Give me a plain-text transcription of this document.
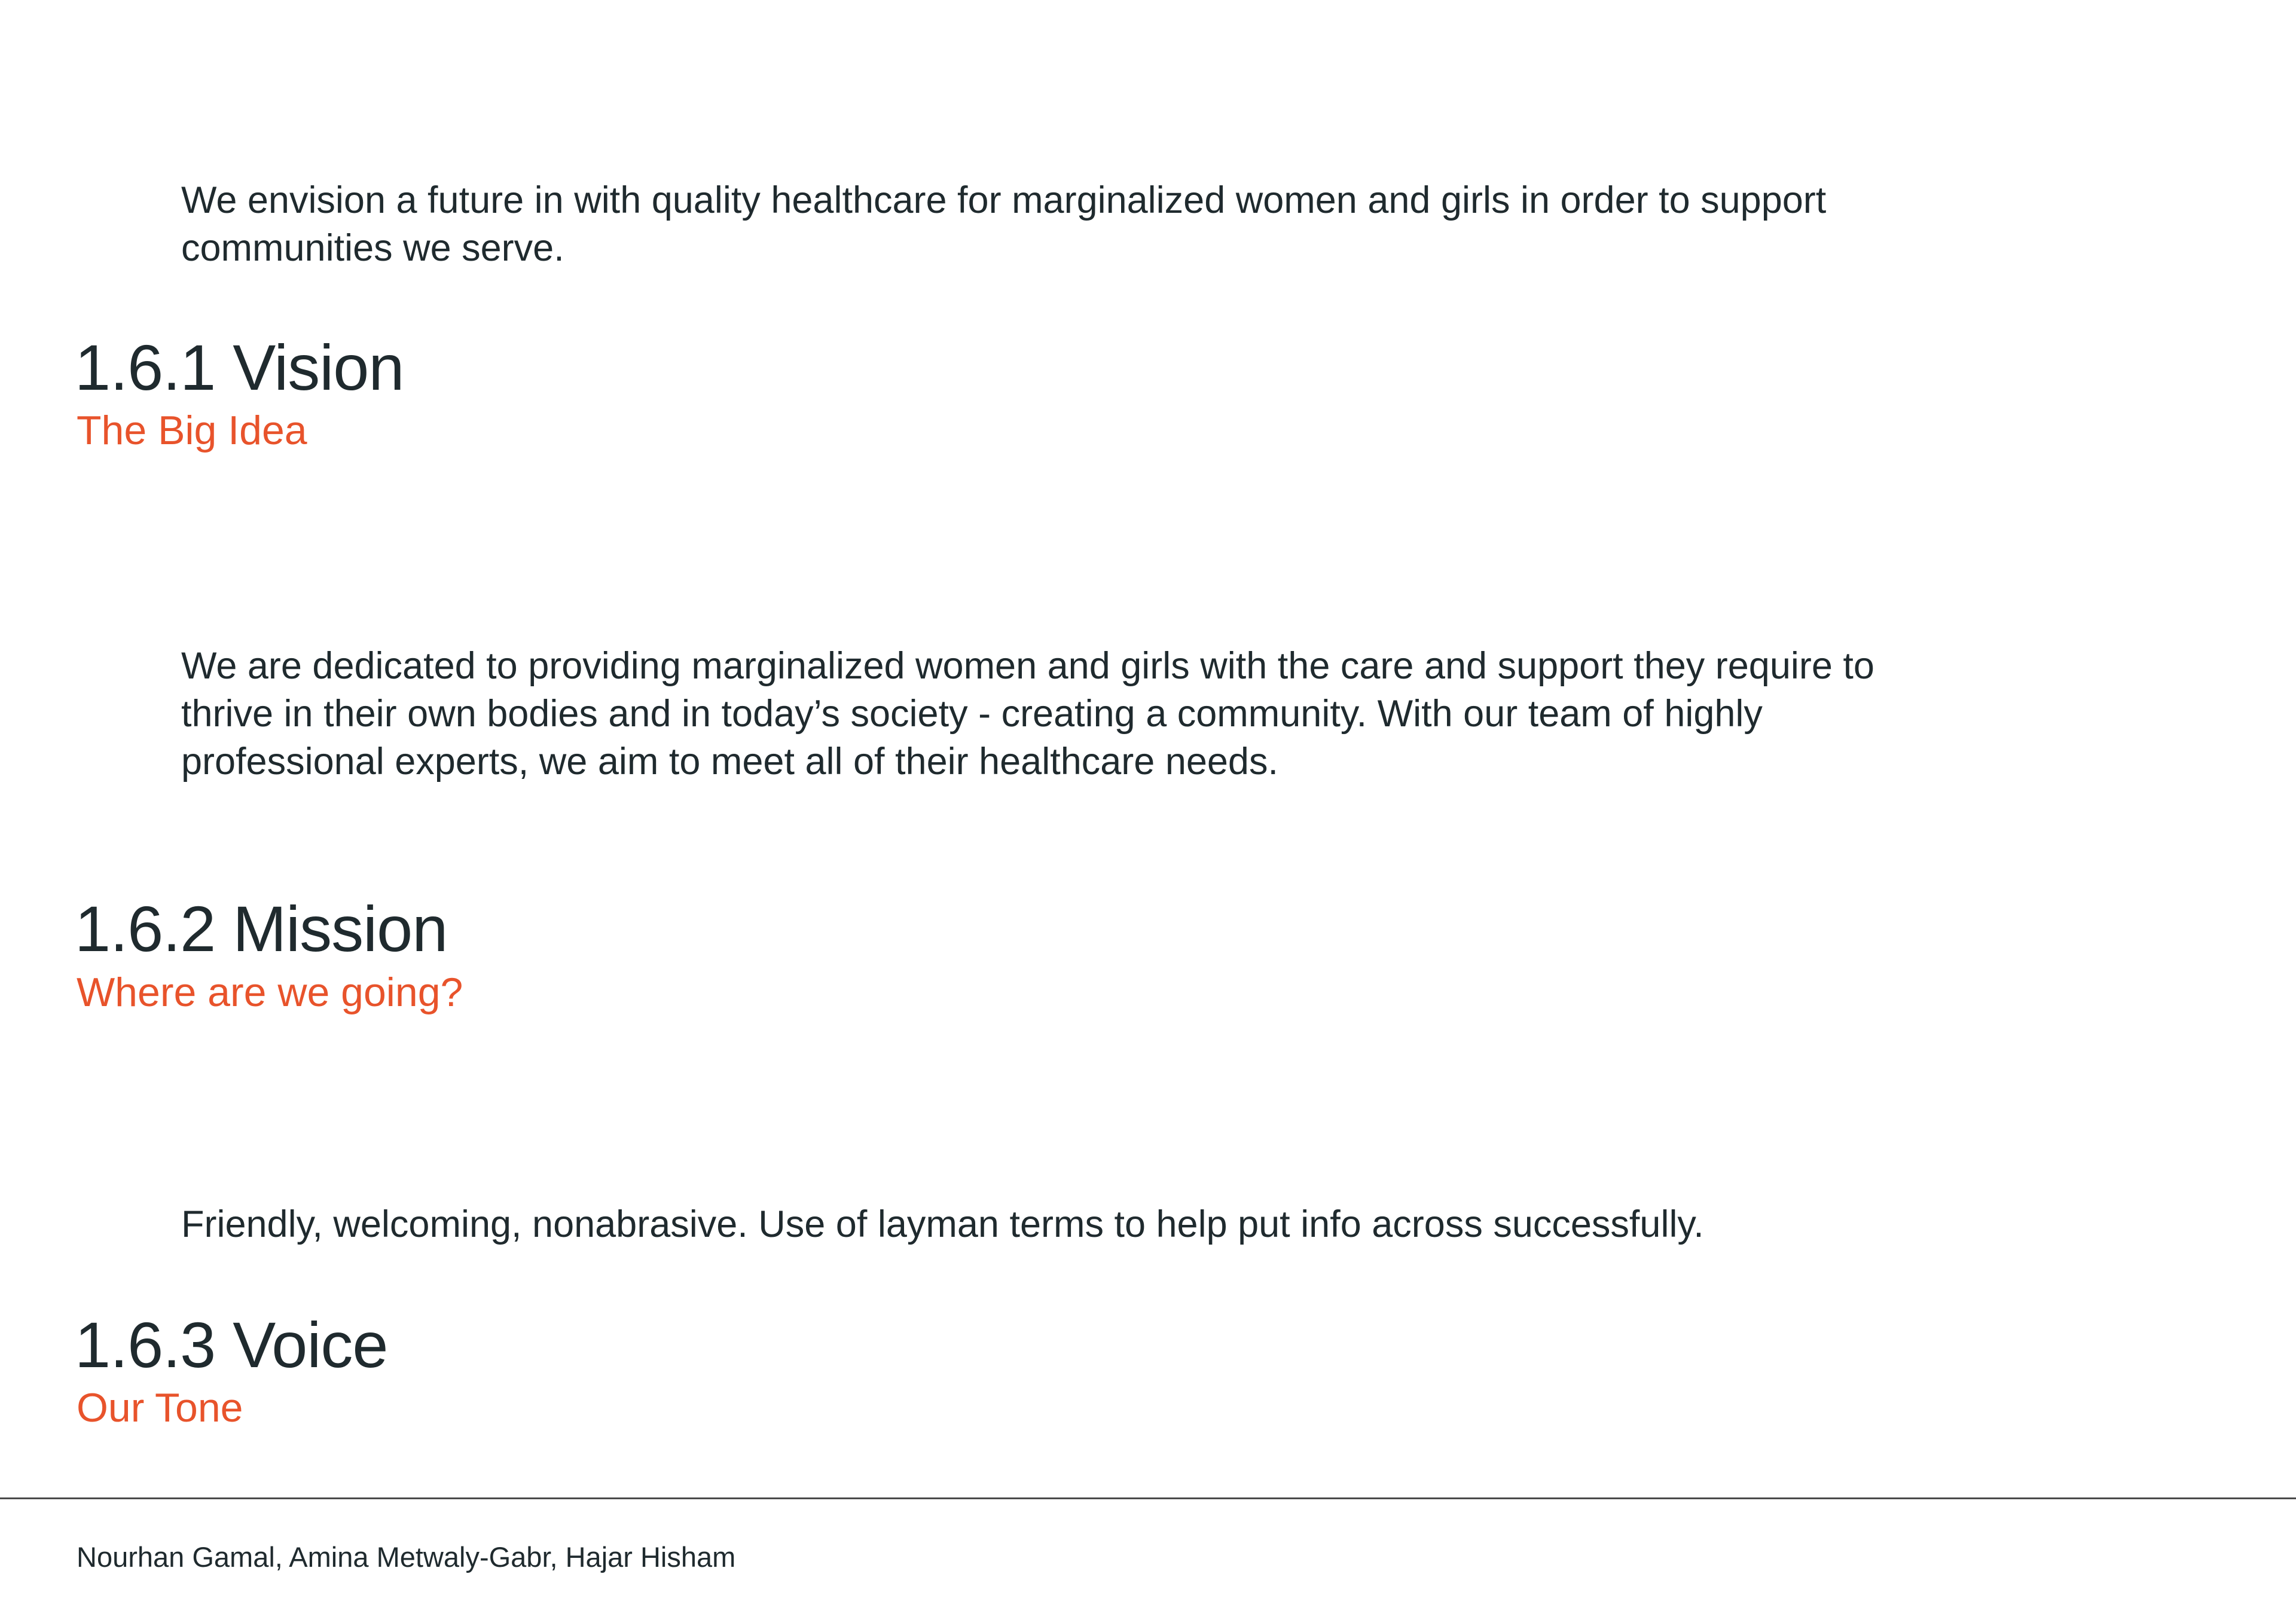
We envision a future in with quality healthcare for marginalized women and girls in order to support communities we serve.

1.6.1 Vision
The Big Idea

We are dedicated to providing marginalized women and girls with the care and support they require to thrive in their own bodies and in today’s society - creating a community. With our team of highly professional experts, we aim to meet all of their healthcare needs.

1.6.2 Mission
Where are we going?

Friendly, welcoming, nonabrasive. Use of layman terms to help put info across successfully.

1.6.3 Voice
Our Tone

Nourhan Gamal, Amina Metwaly-Gabr, Hajar Hisham
